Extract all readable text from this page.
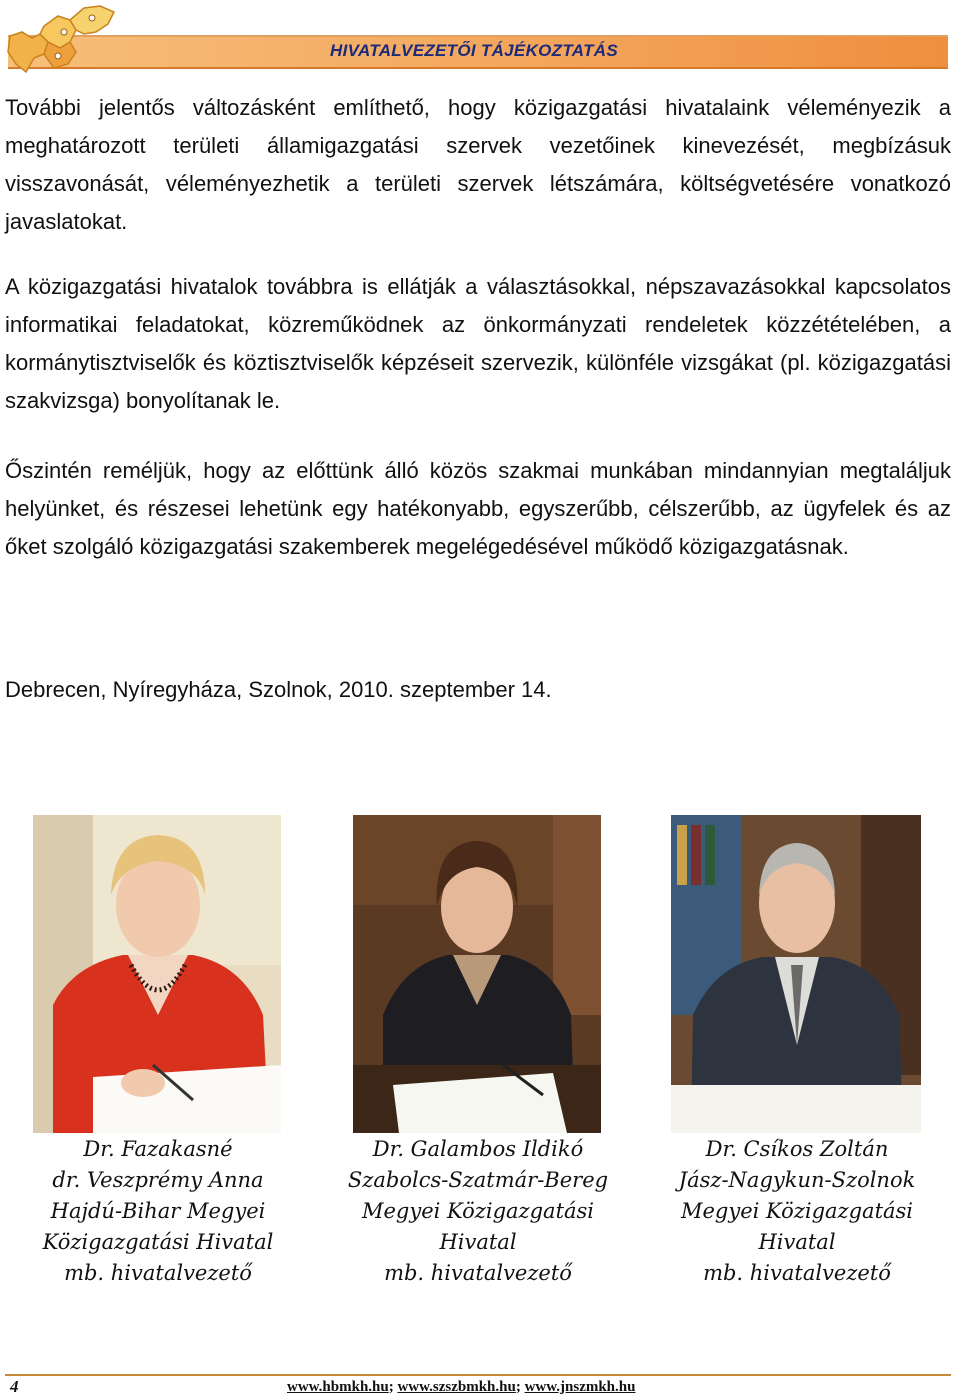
HIVATALVEZETŐI TÁJÉKOZTATÁS

További jelentős változásként említhető, hogy közigazgatási hivatalaink véleményezik a meghatározott területi államigazgatási szervek vezetőinek kinevezését, megbízásuk visszavonását, véleményezhetik a területi szervek létszámára, költségvetésére vonatkozó javaslatokat.

A közigazgatási hivatalok továbbra is ellátják a választásokkal, népszavazásokkal kapcsolatos informatikai feladatokat, közreműködnek az önkormányzati rendeletek közzétételében, a kormánytisztviselők és köztisztviselők képzéseit szervezik, különféle vizsgákat (pl. közigazgatási szakvizsga) bonyolítanak le.

Őszintén reméljük, hogy az előttünk álló közös szakmai munkában mindannyian megtaláljuk helyünket, és részesei lehetünk egy hatékonyabb, egyszerűbb, célszerűbb, az ügyfelek és az őket szolgáló közigazgatási szakemberek megelégedésével működő közigazgatásnak.

Debrecen, Nyíregyháza, Szolnok, 2010. szeptember 14.
Dr. Fazakasné
dr. Veszprémy Anna
Hajdú-Bihar Megyei
Közigazgatási Hivatal
mb. hivatalvezető
Dr. Galambos Ildikó
Szabolcs-Szatmár-Bereg
Megyei Közigazgatási
Hivatal
mb. hivatalvezető
Dr. Csíkos Zoltán
Jász-Nagykun-Szolnok
Megyei Közigazgatási
Hivatal
mb. hivatalvezető
4	www.hbmkh.hu; www.szszbmkh.hu; www.jnszmkh.hu
